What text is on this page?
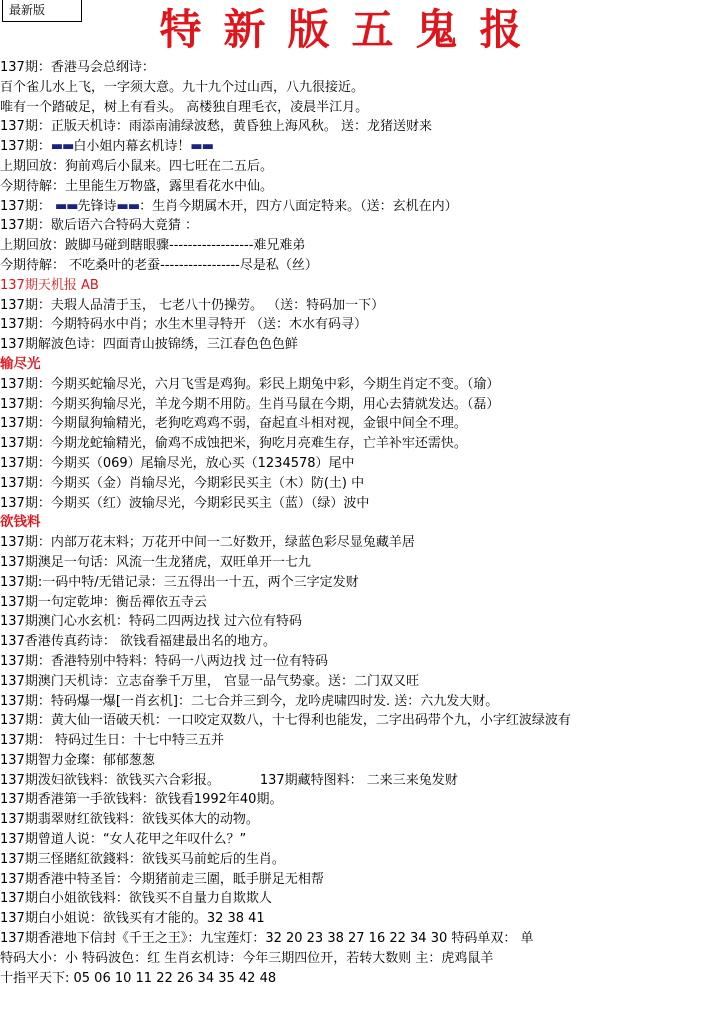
最新版	特新版五鬼报
137期：香港马会总纲诗：
百个雀儿水上飞，一字须大意。九十九个过山西，八九很接近。
唯有一个踏破足，树上有看头。 高楼独自理毛衣，凌晨半江月。
137期：正版天机诗：雨添南浦绿波愁，黄昏独上海风秋。 送：龙猪送财来
137期：▬▬白小姐内幕玄机诗！▬▬
上期回放：狗前鸡后小鼠来。四七旺在二五后。
今期待解：土里能生万物盛，露里看花水中仙。
137期： ▬▬先锋诗▬▬：生肖今期属木开，四方八面定特来。（送：玄机在内）
137期：歇后语六合特码大竟猜 ：
上期回放：跛脚马碰到瞎眼骤------------------难兄难弟
今期待解： 不吃桑叶的老蚕-----------------尽是私（丝）
137期天机报 AB
137期：夫瑕人品清于玉， 七老八十仍操劳。 （送：特码加一下）
137期：今期特码水中肖；水生木里寻特开 （送：木水有码寻）
137期解波色诗：四面青山披锦绣，三江春色色色鲜
输尽光
137期：今期买蛇输尽光，六月飞雪是鸡狗。彩民上期兔中彩，今期生肖定不变。（瑜）
137期：今期买狗输尽光，羊龙今期不用防。生肖马鼠在今期，用心去猜就发达。（磊）
137期：今期鼠狗输精光，老狗吃鸡鸡不弱，奋起直斗相对视，金银中间全不理。
137期：今期龙蛇输精光，偷鸡不成蚀把米，狗吃月亮难生存，亡羊补牢还需快。
137期：今期买（069）尾输尽光，放心买（1234578）尾中
137期：今期买（金）肖输尽光，今期彩民买主（木）防(土) 中
137期：今期买（红）波输尽光，今期彩民买主（蓝）（绿）波中
欲钱料
137期：内部万花末料；万花开中间一二好数开，绿蓝色彩尽显兔藏羊居
137期澳足一句话：风流一生龙猪虎，双旺单开一七九
137期:一码中特/无错记录：三五得出一十五，两个三字定发财
137期一句定乾坤：衡岳禪依五寺云
137期澳门心水玄机：特码二四两边找 过六位有特码
137香港传真药诗： 欲钱看福建最出名的地方。
137期：香港特别中特料：特码一八两边找 过一位有特码
137期澳门天机诗：立志奋拳千万里， 官显一品气势豪。送：二门双又旺
137期：特码爆一爆[一肖玄机]：二七合并三到今，龙吟虎啸四时发. 送：六九发大财。
137期：黄大仙一语破天机：一口咬定双数八，十七得利也能发，二字出码带个九，小字红波绿波有
137期： 特码过生日：十七中特三五并
137期智力金璨：郁郁葱葱
137期泼妇欲钱料：欲钱买六合彩报。	137期藏特图料： 二来三来兔发财
137期香港第一手欲钱料：欲钱看1992年40期。
137期翡翠财红欲钱料：欲钱买体大的动物。
137期曾道人说：“女人花甲之年叹什么？”
137期三怪賭紅欲錢料：欲钱买马前蛇后的生肖。
137期香港中特圣旨：今期猪前走三圍，眡手胼足无相帮
137期白小姐欲钱料：欲钱买不自量力自欺欺人
137期白小姐说：欲钱买有才能的。32 38 41
137期香港地下信封《千王之王》：九宝莲灯：32 20 23 38 27 16 22 34 30 特码单双： 单
特码大小：小 特码波色：红 生肖玄机诗：今年三期四位开，若转大数则 主：虎鸡鼠羊
十指平天下: 05 06 10 11 22 26 34 35 42 48
